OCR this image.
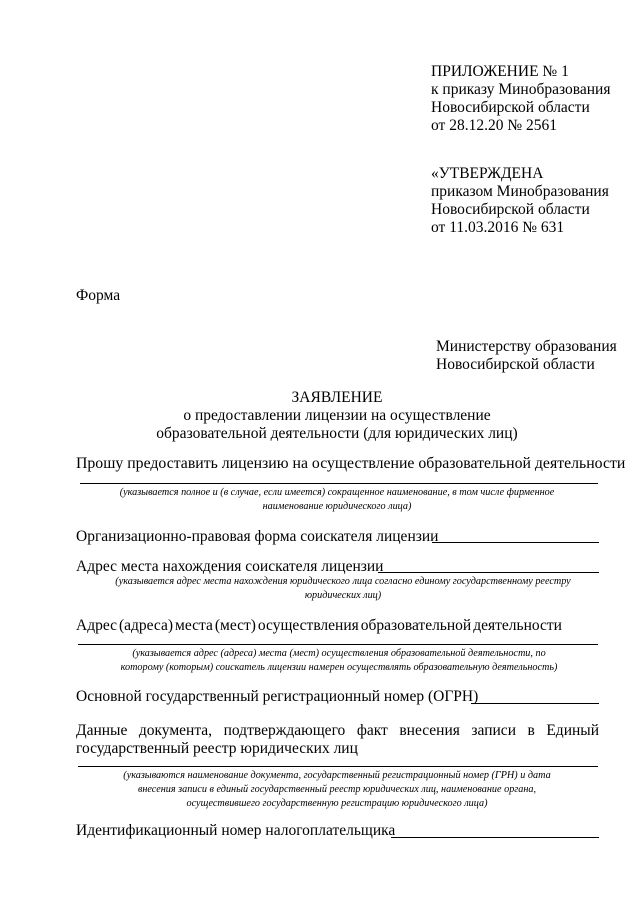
ПРИЛОЖЕНИЕ № 1
к приказу Минобразования
Новосибирской области
от 28.12.20 № 2561
«УТВЕРЖДЕНА
приказом Минобразования
Новосибирской области
от 11.03.2016 № 631
Форма
Министерству образования
Новосибирской области
ЗАЯВЛЕНИЕ
о предоставлении лицензии на осуществление
образовательной деятельности (для юридических лиц)
Прошу предоставить лицензию на осуществление образовательной деятельности
(указывается полное и (в случае, если имеется) сокращенное наименование, в том числе фирменное
наименование юридического лица)
Организационно-правовая форма соискателя лицензии
Адрес места нахождения соискателя лицензии
(указывается адрес места нахождения юридического лица согласно единому государственному реестру
юридических лиц)
Адрес (адреса) места (мест) осуществления образовательной деятельности
(указывается адрес (адреса) места (мест) осуществления образовательной деятельности, по
которому (которым) соискатель лицензии намерен осуществлять образовательную деятельность)
Основной государственный регистрационный номер (ОГРН)
Данные документа, подтверждающего факт внесения записи в Единый
государственный реестр юридических лиц
(указываются наименование документа, государственный регистрационный номер (ГРН) и дата
внесения записи в единый государственный реестр юридических лиц, наименование органа,
осуществившего государственную регистрацию юридического лица)
Идентификационный номер налогоплательщика
